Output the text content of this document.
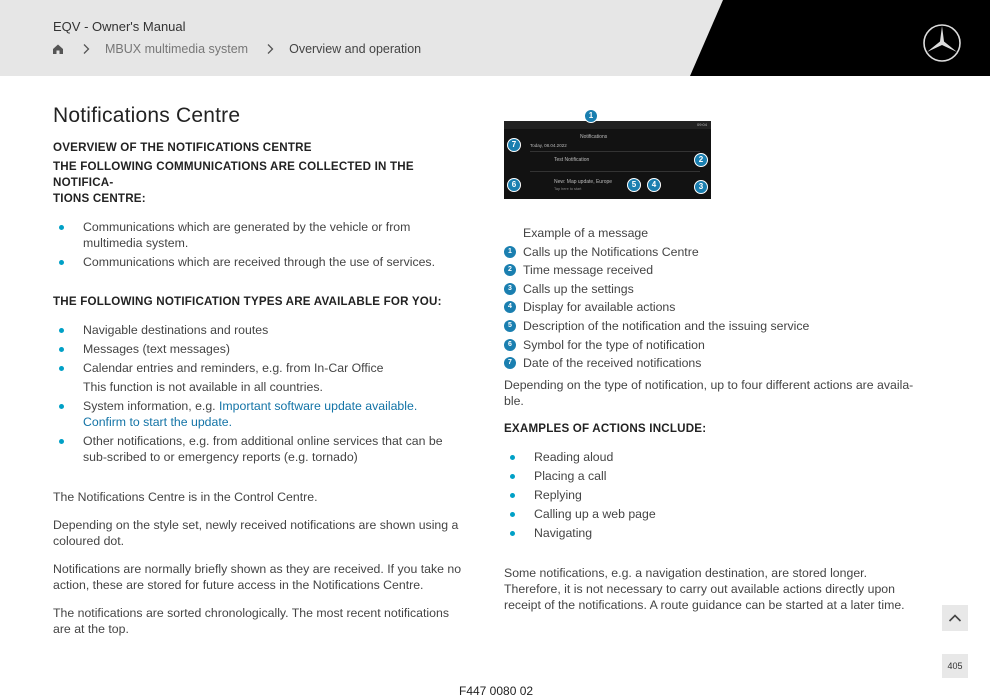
EQV - Owner's Manual
MBUX multimedia system	Overview and operation
Notifications Centre
OVERVIEW OF THE NOTIFICATIONS CENTRE
THE FOLLOWING COMMUNICATIONS ARE COLLECTED IN THE NOTIFICA-
TIONS CENTRE:
Communications which are generated by the vehicle or from multimedia system.
Communications which are received through the use of services.
THE FOLLOWING NOTIFICATION TYPES ARE AVAILABLE FOR YOU:
Navigable destinations and routes
Messages (text messages)
Calendar entries and reminders, e.g. from In-Car Office
This function is not available in all countries.
System information, e.g. Important software update available. Confirm to start the update.
Other notifications, e.g. from additional online services that can be sub-scribed to or emergency reports (e.g. tornado)

The Notifications Centre is in the Control Centre.

Depending on the style set, newly received notifications are shown using a coloured dot.

Notifications are normally briefly shown as they are received. If you take no action, these are stored for future access in the Notifications Centre.

The notifications are sorted chronologically. The most recent notifications are at the top.

09:04
Notifications
Today, 08.04.2022
Test Notification
New: Map update, Europe
Tap here to start
1
2
3
4
5
6
7
Example of a message
1 Calls up the Notifications Centre
2 Time message received
3 Calls up the settings
4 Display for available actions
5 Description of the notification and the issuing service
6 Symbol for the type of notification
7 Date of the received notifications

Depending on the type of notification, up to four different actions are availa-ble.

EXAMPLES OF ACTIONS INCLUDE:
Reading aloud
Placing a call
Replying
Calling up a web page
Navigating

Some notifications, e.g. a navigation destination, are stored longer. Therefore, it is not necessary to carry out available actions directly upon receipt of the notifications. A route guidance can be started at a later time.

405
F447 0080 02
